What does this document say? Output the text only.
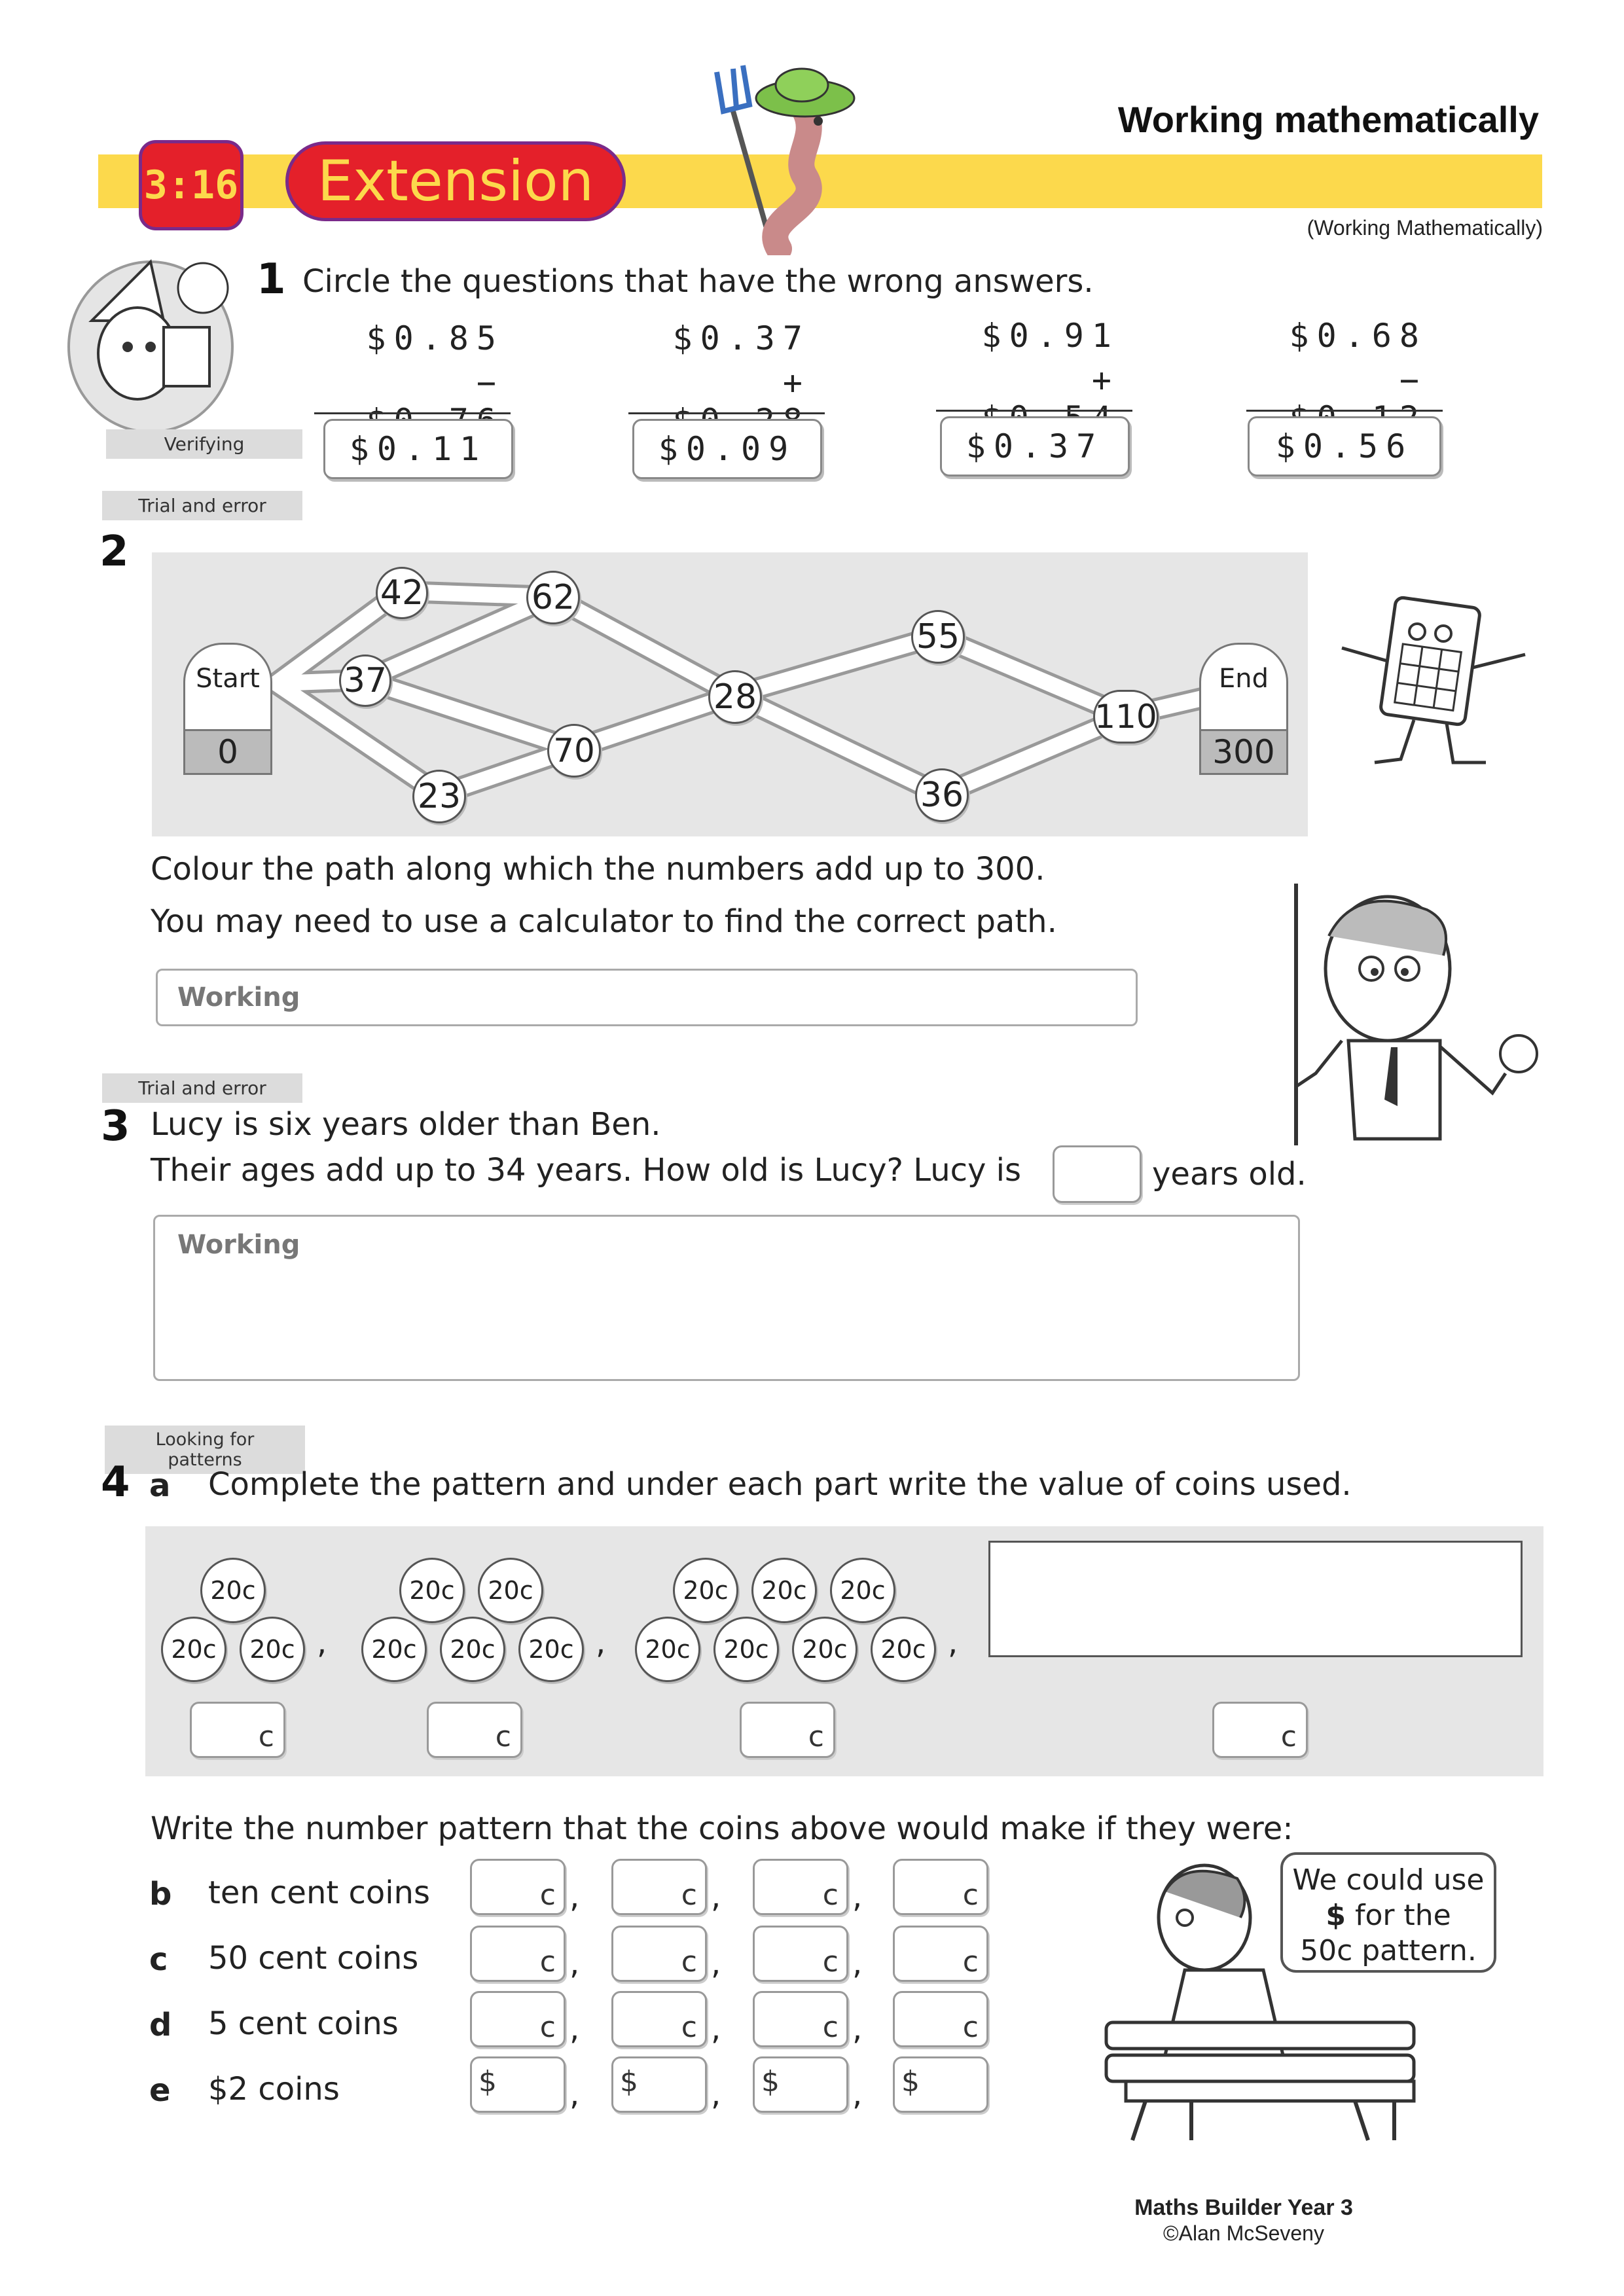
3:16	Extension
Working mathematically
(Working Mathematically)
Verifying
1 Circle the questions that have the wrong answers.
$0.85
−
$0.11
$0.37
+
$0.09
$0.91
+
$0.37
$0.68
−
$0.56
Trial and error
2
Start
0
End
300
42	62
37	28
55
70
110
23	36
Colour the path along which the numbers add up to 300.
You may need to use a calculator to find the correct path.
Working
Trial and error
3 Lucy is six years older than Ben.
Their ages add up to 34 years. How old is Lucy? Lucy is	years old.
Working
Looking for patterns
4 a Complete the pattern and under each part write the value of coins used.
20c
20c	20c ,
20c	20c
20c	20c	20c ,
20c	20c	20c
20c	20c	20c	20c ,
c	c	c	c
Write the number pattern that the coins above would make if they were:
b ten cent coins	c ,	c ,	c ,	c
c 50 cent coins	c ,	c ,	c ,	c
d 5 cent coins	c ,	c ,	c ,	c
e $2 coins	$ , $ , $ , $
We could use
$ for the
50c pattern.
Maths Builder Year 3
©Alan McSeveny
